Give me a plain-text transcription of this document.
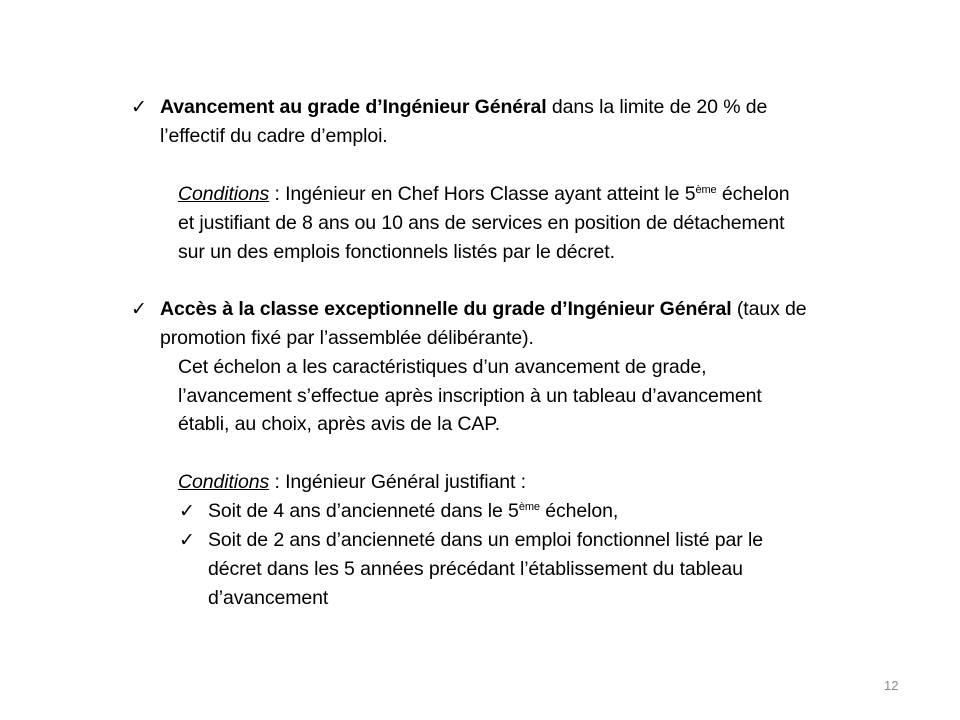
✓ Avancement au grade d’Ingénieur Général dans la limite de 20 % de
l’effectif du cadre d’emploi.
Conditions : Ingénieur en Chef Hors Classe ayant atteint le 5ème échelon
et justifiant de 8 ans ou 10 ans de services en position de détachement
sur un des emplois fonctionnels listés par le décret.
✓ Accès à la classe exceptionnelle du grade d’Ingénieur Général (taux de
promotion fixé par l’assemblée délibérante).
Cet échelon a les caractéristiques d’un avancement de grade,
l’avancement s’effectue après inscription à un tableau d’avancement
établi, au choix, après avis de la CAP.
Conditions : Ingénieur Général justifiant :
✓ Soit de 4 ans d’ancienneté dans le 5ème échelon,
✓ Soit de 2 ans d’ancienneté dans un emploi fonctionnel listé par le
décret dans les 5 années précédant l’établissement du tableau
d’avancement
12
